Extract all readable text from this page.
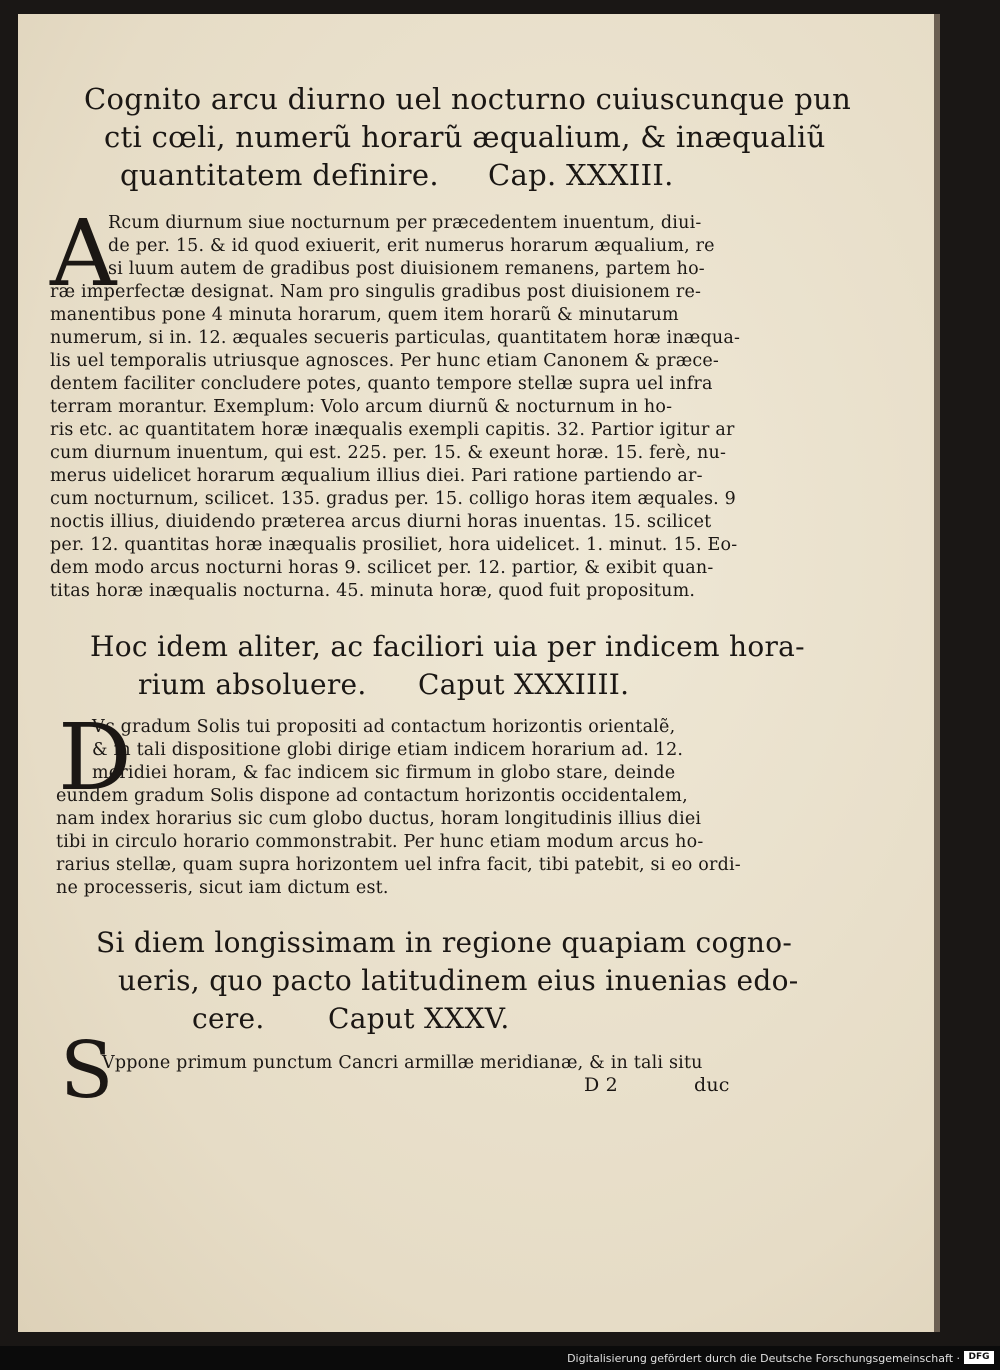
Cognito arcu diurno uel nocturno cuiuscunque pun
cti cœli, numerũ horarũ æqualium, & inæqualiũ
quantitatem definire. Cap. XXXIII.
A
Rcum diurnum siue nocturnum per præcedentem inuentum, diui-
de per. 15. & id quod exiuerit, erit numerus horarum æqualium, re
si luum autem de gradibus post diuisionem remanens, partem ho-
ræ imperfectæ designat. Nam pro singulis gradibus post diuisionem re-
manentibus pone 4 minuta horarum, quem item horarũ & minutarum
numerum, si in. 12. æquales secueris particulas, quantitatem horæ inæqua-
lis uel temporalis utriusque agnosces. Per hunc etiam Canonem & præce-
dentem faciliter concludere potes, quanto tempore stellæ supra uel infra
terram morantur. Exemplum: Volo arcum diurnũ & nocturnum in ho-
ris etc. ac quantitatem horæ inæqualis exempli capitis. 32. Partior igitur ar
cum diurnum inuentum, qui est. 225. per. 15. & exeunt horæ. 15. ferè, nu-
merus uidelicet horarum æqualium illius diei. Pari ratione partiendo ar-
cum nocturnum, scilicet. 135. gradus per. 15. colligo horas item æquales. 9
noctis illius, diuidendo præterea arcus diurni horas inuentas. 15. scilicet
per. 12. quantitas horæ inæqualis prosiliet, hora uidelicet. 1. minut. 15. Eo-
dem modo arcus nocturni horas 9. scilicet per. 12. partior, & exibit quan-
titas horæ inæqualis nocturna. 45. minuta horæ, quod fuit propositum.
Hoc idem aliter, ac faciliori uia per indicem hora-
rium absoluere. Caput XXXIIII.
D
Vc gradum Solis tui propositi ad contactum horizontis orientalẽ,
& in tali dispositione globi dirige etiam indicem horarium ad. 12.
meridiei horam, & fac indicem sic firmum in globo stare, deinde
eundem gradum Solis dispone ad contactum horizontis occidentalem,
nam index horarius sic cum globo ductus, horam longitudinis illius diei
tibi in circulo horario commonstrabit. Per hunc etiam modum arcus ho-
rarius stellæ, quam supra horizontem uel infra facit, tibi patebit, si eo ordi-
ne processeris, sicut iam dictum est.
Si diem longissimam in regione quapiam cogno-
ueris, quo pacto latitudinem eius inuenias edo-
cere. Caput XXXV.
S
Vppone primum punctum Cancri armillæ meridianæ, & in tali situ
D 2	duc
Digitalisierung gefördert durch die Deutsche Forschungsgemeinschaft · DFG
